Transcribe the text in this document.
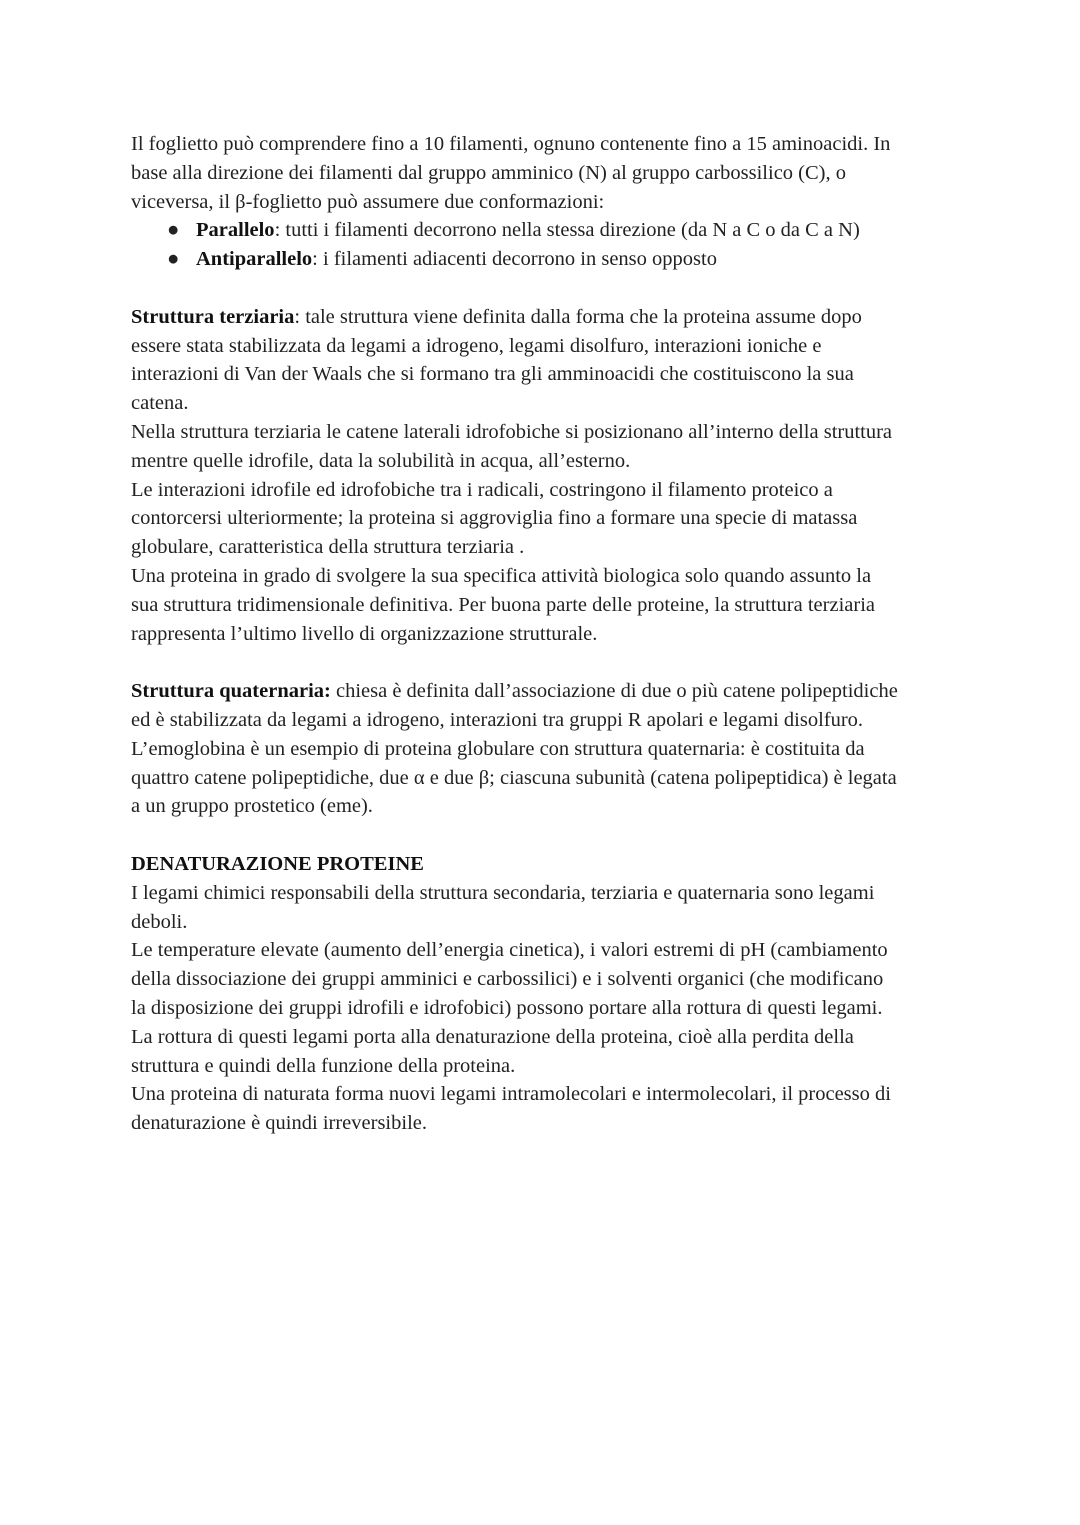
Il foglietto può comprendere fino a 10 filamenti, ognuno contenente fino a 15 aminoacidi. In
base alla direzione dei filamenti dal gruppo amminico (N) al gruppo carbossilico (C), o
viceversa, il β-foglietto può assumere due conformazioni:
● Parallelo: tutti i filamenti decorrono nella stessa direzione (da N a C o da C a N)
● Antiparallelo: i filamenti adiacenti decorrono in senso opposto
Struttura terziaria: tale struttura viene definita dalla forma che la proteina assume dopo
essere stata stabilizzata da legami a idrogeno, legami disolfuro, interazioni ioniche e
interazioni di Van der Waals che si formano tra gli amminoacidi che costituiscono la sua
catena.
Nella struttura terziaria le catene laterali idrofobiche si posizionano all’interno della struttura
mentre quelle idrofile, data la solubilità in acqua, all’esterno.
Le interazioni idrofile ed idrofobiche tra i radicali, costringono il filamento proteico a
contorcersi ulteriormente; la proteina si aggroviglia fino a formare una specie di matassa
globulare, caratteristica della struttura terziaria .
Una proteina in grado di svolgere la sua specifica attività biologica solo quando assunto la
sua struttura tridimensionale definitiva. Per buona parte delle proteine, la struttura terziaria
rappresenta l’ultimo livello di organizzazione strutturale.
Struttura quaternaria: chiesa è definita dall’associazione di due o più catene polipeptidiche
ed è stabilizzata da legami a idrogeno, interazioni tra gruppi R apolari e legami disolfuro.
L’emoglobina è un esempio di proteina globulare con struttura quaternaria: è costituita da
quattro catene polipeptidiche, due α e due β; ciascuna subunità (catena polipeptidica) è legata
a un gruppo prostetico (eme).
DENATURAZIONE PROTEINE
I legami chimici responsabili della struttura secondaria, terziaria e quaternaria sono legami
deboli.
Le temperature elevate (aumento dell’energia cinetica), i valori estremi di pH (cambiamento
della dissociazione dei gruppi amminici e carbossilici) e i solventi organici (che modificano
la disposizione dei gruppi idrofili e idrofobici) possono portare alla rottura di questi legami.
La rottura di questi legami porta alla denaturazione della proteina, cioè alla perdita della
struttura e quindi della funzione della proteina.
Una proteina di naturata forma nuovi legami intramolecolari e intermolecolari, il processo di
denaturazione è quindi irreversibile.
